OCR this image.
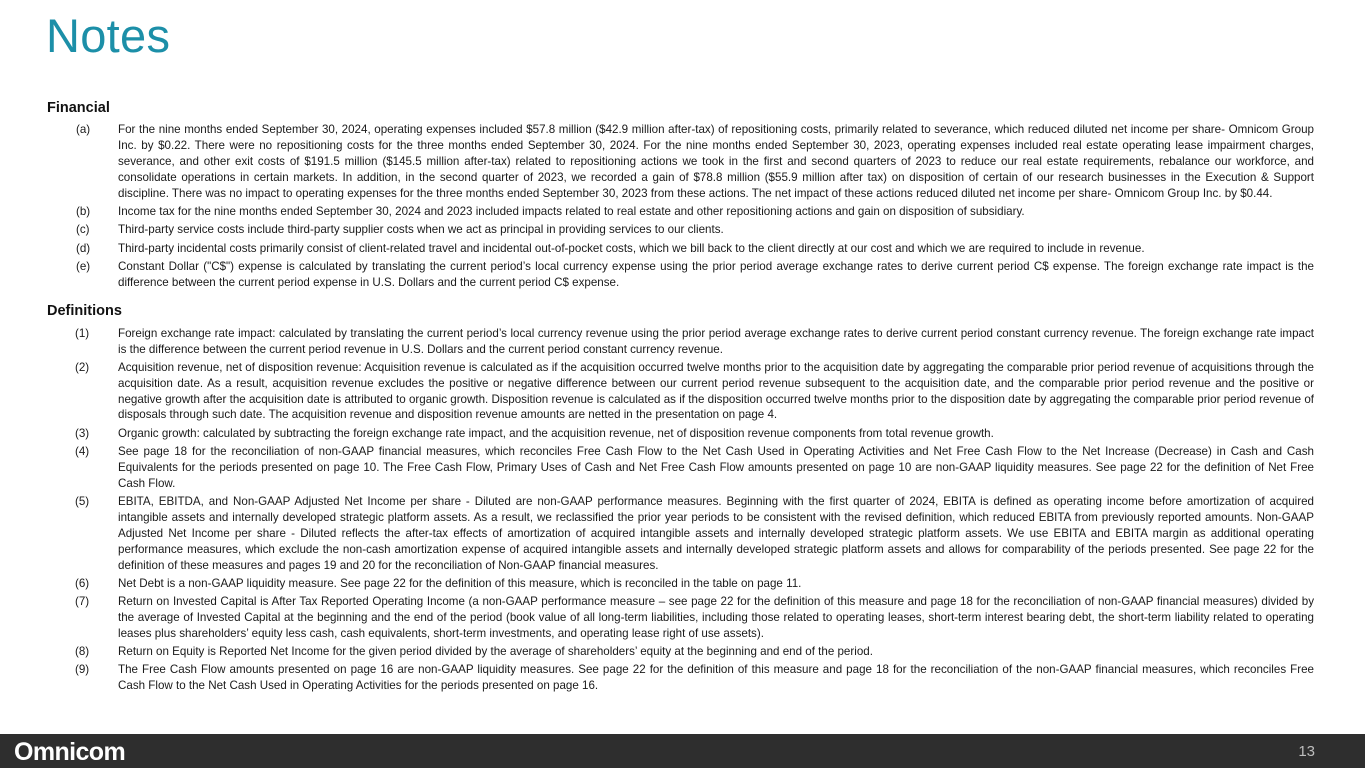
Notes
Financial
(a)	For the nine months ended September 30, 2024, operating expenses included $57.8 million ($42.9 million after-tax) of repositioning costs, primarily related to severance, which reduced diluted net income per share- Omnicom Group Inc. by $0.22. There were no repositioning costs for the three months ended September 30, 2024. For the nine months ended September 30, 2023, operating expenses included real estate operating lease impairment charges, severance, and other exit costs of $191.5 million ($145.5 million after-tax) related to repositioning actions we took in the first and second quarters of 2023 to reduce our real estate requirements, rebalance our workforce, and consolidate operations in certain markets. In addition, in the second quarter of 2023, we recorded a gain of $78.8 million ($55.9 million after tax) on disposition of certain of our research businesses in the Execution & Support discipline. There was no impact to operating expenses for the three months ended September 30, 2023 from these actions. The net impact of these actions reduced diluted net income per share- Omnicom Group Inc. by $0.44.
(b)	Income tax for the nine months ended September 30, 2024 and 2023 included impacts related to real estate and other repositioning actions and gain on disposition of subsidiary.
(c)	Third-party service costs include third-party supplier costs when we act as principal in providing services to our clients.
(d)	Third-party incidental costs primarily consist of client-related travel and incidental out-of-pocket costs, which we bill back to the client directly at our cost and which we are required to include in revenue.
(e)	Constant Dollar ("C$") expense is calculated by translating the current period’s local currency expense using the prior period average exchange rates to derive current period C$ expense. The foreign exchange rate impact is the difference between the current period expense in U.S. Dollars and the current period C$ expense.
Definitions
(1)	Foreign exchange rate impact: calculated by translating the current period’s local currency revenue using the prior period average exchange rates to derive current period constant currency revenue. The foreign exchange rate impact is the difference between the current period revenue in U.S. Dollars and the current period constant currency revenue.
(2)	Acquisition revenue, net of disposition revenue: Acquisition revenue is calculated as if the acquisition occurred twelve months prior to the acquisition date by aggregating the comparable prior period revenue of acquisitions through the acquisition date. As a result, acquisition revenue excludes the positive or negative difference between our current period revenue subsequent to the acquisition date, and the comparable prior period revenue and the positive or negative growth after the acquisition date is attributed to organic growth. Disposition revenue is calculated as if the disposition occurred twelve months prior to the disposition date by aggregating the comparable prior period revenue of disposals through such date. The acquisition revenue and disposition revenue amounts are netted in the presentation on page 4.
(3)	Organic growth: calculated by subtracting the foreign exchange rate impact, and the acquisition revenue, net of disposition revenue components from total revenue growth.
(4)	See page 18 for the reconciliation of non-GAAP financial measures, which reconciles Free Cash Flow to the Net Cash Used in Operating Activities and Net Free Cash Flow to the Net Increase (Decrease) in Cash and Cash Equivalents for the periods presented on page 10. The Free Cash Flow, Primary Uses of Cash and Net Free Cash Flow amounts presented on page 10 are non-GAAP liquidity measures. See page 22 for the definition of Net Free Cash Flow.
(5)	EBITA, EBITDA, and Non-GAAP Adjusted Net Income per share - Diluted are non-GAAP performance measures. Beginning with the first quarter of 2024, EBITA is defined as operating income before amortization of acquired intangible assets and internally developed strategic platform assets. As a result, we reclassified the prior year periods to be consistent with the revised definition, which reduced EBITA from previously reported amounts. Non-GAAP Adjusted Net Income per share - Diluted reflects the after-tax effects of amortization of acquired intangible assets and internally developed strategic platform assets. We use EBITA and EBITA margin as additional operating performance measures, which exclude the non-cash amortization expense of acquired intangible assets and internally developed strategic platform assets and allows for comparability of the periods presented. See page 22 for the definition of these measures and pages 19 and 20 for the reconciliation of Non-GAAP financial measures.
(6)	Net Debt is a non-GAAP liquidity measure. See page 22 for the definition of this measure, which is reconciled in the table on page 11.
(7)	Return on Invested Capital is After Tax Reported Operating Income (a non-GAAP performance measure – see page 22 for the definition of this measure and page 18 for the reconciliation of non-GAAP financial measures) divided by the average of Invested Capital at the beginning and the end of the period (book value of all long-term liabilities, including those related to operating leases, short-term interest bearing debt, the short-term liability related to operating leases plus shareholders’ equity less cash, cash equivalents, short-term investments, and operating lease right of use assets).
(8)	Return on Equity is Reported Net Income for the given period divided by the average of shareholders’ equity at the beginning and end of the period.
(9)	The Free Cash Flow amounts presented on page 16 are non-GAAP liquidity measures. See page 22 for the definition of this measure and page 18 for the reconciliation of the non-GAAP financial measures, which reconciles Free Cash Flow to the Net Cash Used in Operating Activities for the periods presented on page 16.
Omnicom	13
